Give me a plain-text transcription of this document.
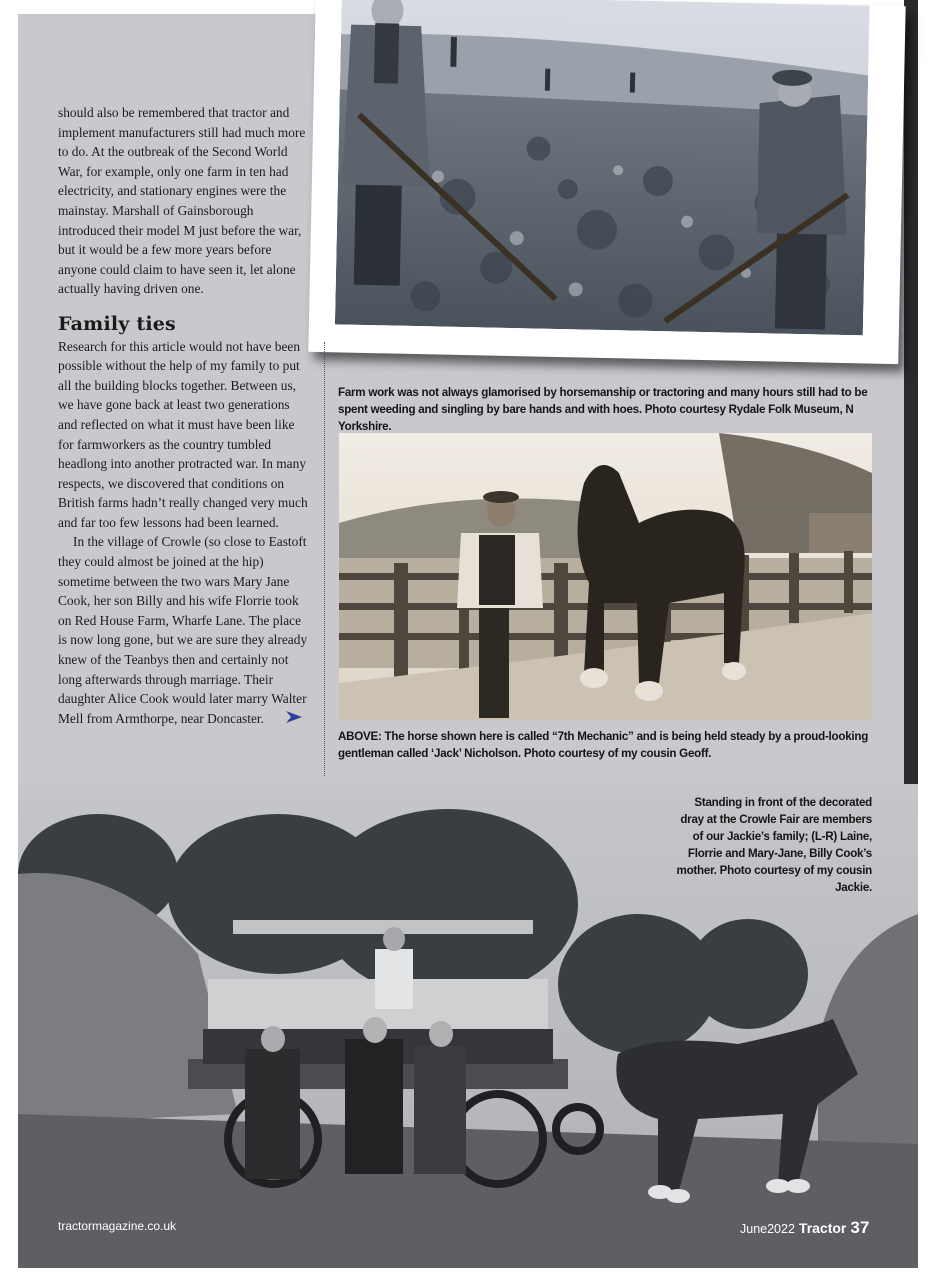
should also be remembered that tractor and implement manufacturers still had much more to do. At the outbreak of the Second World War, for example, only one farm in ten had electricity, and stationary engines were the mainstay. Marshall of Gainsborough introduced their model M just before the war, but it would be a few more years before anyone could claim to have seen it, let alone actually having driven one.

Family ties

Research for this article would not have been possible without the help of my family to put all the building blocks together. Between us, we have gone back at least two generations and reflected on what it must have been like for farmworkers as the country tumbled headlong into another protracted war. In many respects, we discovered that conditions on British farms hadn’t really changed very much and far too few lessons had been learned.

In the village of Crowle (so close to Eastoft they could almost be joined at the hip) sometime between the two wars Mary Jane Cook, her son Billy and his wife Florrie took on Red House Farm, Wharfe Lane. The place is now long gone, but we are sure they already knew of the Teanbys then and certainly not long afterwards through marriage. Their daughter Alice Cook would later marry Walter Mell from Armthorpe, near Doncaster.

Farm work was not always glamorised by horsemanship or tractoring and many hours still had to be spent weeding and singling by bare hands and with hoes. Photo courtesy Rydale Folk Museum, N Yorkshire.
ABOVE: The horse shown here is called “7th Mechanic” and is being held steady by a proud-looking gentleman called ‘Jack’ Nicholson. Photo courtesy of my cousin Geoff.
Standing in front of the decorated dray at the Crowle Fair are members of our Jackie’s family; (L-R) Laine, Florrie and Mary-Jane, Billy Cook’s mother. Photo courtesy of my cousin Jackie.
tractormagazine.co.uk	June2022 Tractor 37
